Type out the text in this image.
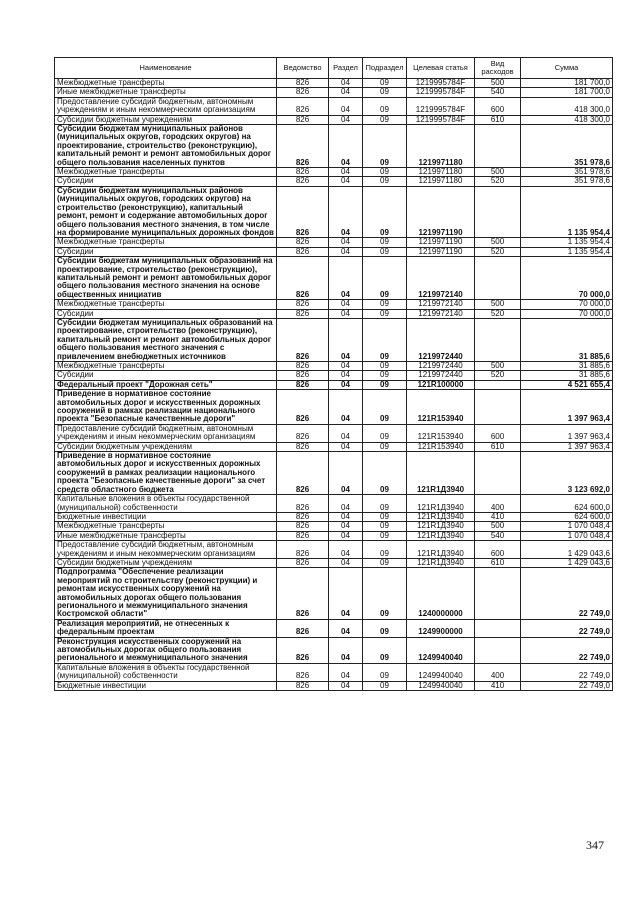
Наименование	Ведомство	Раздел	Подраздел	Целевая статья	Вид расходов	Сумма
Межбюджетные трансферты	826	04	09	1219995784F	500	181 700,0
Иные межбюджетные трансферты	826	04	09	1219995784F	540	181 700,0
Предоставление субсидий бюджетным, автономным учреждениям и иным некоммерческим организациям	826	04	09	1219995784F	600	418 300,0
Субсидии бюджетным учреждениям	826	04	09	1219995784F	610	418 300,0
Субсидии бюджетам муниципальных районов (муниципальных округов, городских округов) на проектирование, строительство (реконструкцию), капитальный ремонт и ремонт автомобильных дорог общего пользования населенных пунктов	826	04	09	1219971180		351 978,6
Межбюджетные трансферты	826	04	09	1219971180	500	351 978,6
Субсидии	826	04	09	1219971180	520	351 978,6
Субсидии бюджетам муниципальных районов (муниципальных округов, городских округов) на строительство (реконструкцию), капитальный ремонт, ремонт и содержание автомобильных дорог общего пользования местного значения, в том числе на формирование муниципальных дорожных фондов	826	04	09	1219971190		1 135 954,4
Межбюджетные трансферты	826	04	09	1219971190	500	1 135 954,4
Субсидии	826	04	09	1219971190	520	1 135 954,4
Субсидии бюджетам муниципальных образований на проектирование, строительство (реконструкцию), капитальный ремонт и ремонт автомобильных дорог общего пользования местного значения на основе общественных инициатив	826	04	09	1219972140		70 000,0
Межбюджетные трансферты	826	04	09	1219972140	500	70 000,0
Субсидии	826	04	09	1219972140	520	70 000,0
Субсидии бюджетам муниципальных образований на проектирование, строительство (реконструкцию), капитальный ремонт и ремонт автомобильных дорог общего пользования местного значения с привлечением внебюджетных источников	826	04	09	1219972440		31 885,6
Межбюджетные трансферты	826	04	09	1219972440	500	31 885,6
Субсидии	826	04	09	1219972440	520	31 885,6
Федеральный проект "Дорожная сеть"	826	04	09	121R100000		4 521 655,4
Приведение в нормативное состояние автомобильных дорог и искусственных дорожных сооружений в рамках реализации национального проекта "Безопасные качественные дороги"	826	04	09	121R153940		1 397 963,4
Предоставление субсидий бюджетным, автономным учреждениям и иным некоммерческим организациям	826	04	09	121R153940	600	1 397 963,4
Субсидии бюджетным учреждениям	826	04	09	121R153940	610	1 397 963,4
Приведение в нормативное состояние автомобильных дорог и искусственных дорожных сооружений в рамках реализации национального проекта "Безопасные качественные дороги" за счет средств областного бюджета	826	04	09	121R1Д3940		3 123 692,0
Капитальные вложения в объекты государственной (муниципальной) собственности	826	04	09	121R1Д3940	400	624 600,0
Бюджетные инвестиции	826	04	09	121R1Д3940	410	624 600,0
Межбюджетные трансферты	826	04	09	121R1Д3940	500	1 070 048,4
Иные межбюджетные трансферты	826	04	09	121R1Д3940	540	1 070 048,4
Предоставление субсидий бюджетным, автономным учреждениям и иным некоммерческим организациям	826	04	09	121R1Д3940	600	1 429 043,6
Субсидии бюджетным учреждениям	826	04	09	121R1Д3940	610	1 429 043,6
Подпрограмма "Обеспечение реализации мероприятий по строительству (реконструкции) и ремонтам искусственных сооружений на автомобильных дорогах общего пользования регионального и межмуниципального значения Костромской области"	826	04	09	1240000000		22 749,0
Реализация мероприятий, не отнесенных к федеральным проектам	826	04	09	1249900000		22 749,0
Реконструкция искусственных сооружений на автомобильных дорогах общего пользования регионального и межмуниципального значения	826	04	09	1249940040		22 749,0
Капитальные вложения в объекты государственной (муниципальной) собственности	826	04	09	1249940040	400	22 749,0
Бюджетные инвестиции	826	04	09	1249940040	410	22 749,0
347
